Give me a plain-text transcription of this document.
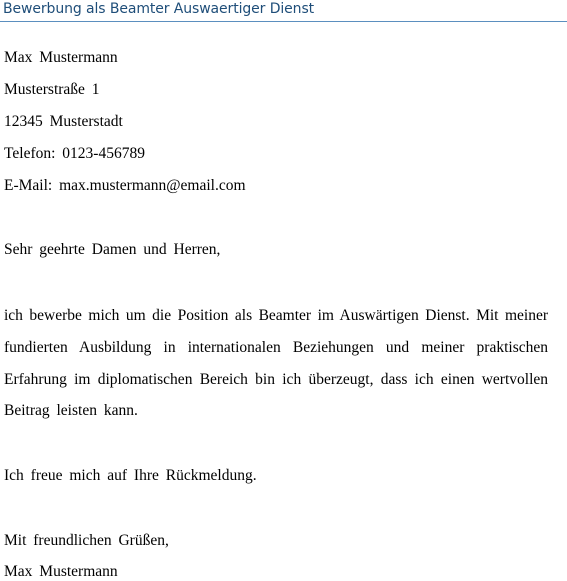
Bewerbung als Beamter Auswaertiger Dienst
Max Mustermann
Musterstraße 1
12345 Musterstadt
Telefon: 0123-456789
E-Mail: max.mustermann@email.com
Sehr geehrte Damen und Herren,
ich bewerbe mich um die Position als Beamter im Auswärtigen Dienst. Mit meiner
fundierten Ausbildung in internationalen Beziehungen und meiner praktischen
Erfahrung im diplomatischen Bereich bin ich überzeugt, dass ich einen wertvollen
Beitrag leisten kann.
Ich freue mich auf Ihre Rückmeldung.
Mit freundlichen Grüßen,
Max Mustermann
